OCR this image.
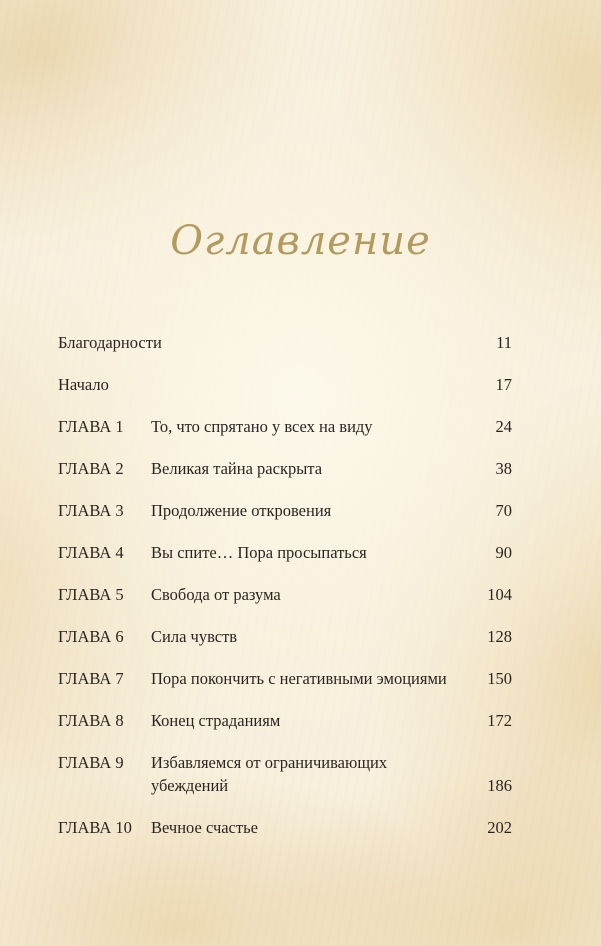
Оглавление
Благодарности	11
Начало	17
ГЛАВА 1 То, что спрятано у всех на виду	24
ГЛАВА 2 Великая тайна раскрыта	38
ГЛАВА 3 Продолжение откровения	70
ГЛАВА 4 Вы спите… Пора просыпаться	90
ГЛАВА 5 Свобода от разума	104
ГЛАВА 6 Сила чувств	128
ГЛАВА 7 Пора покончить с негативными эмоциями	150
ГЛАВА 8 Конец страданиям	172
ГЛАВА 9 Избавляемся от ограничивающих убеждений	186
ГЛАВА 10 Вечное счастье	202
